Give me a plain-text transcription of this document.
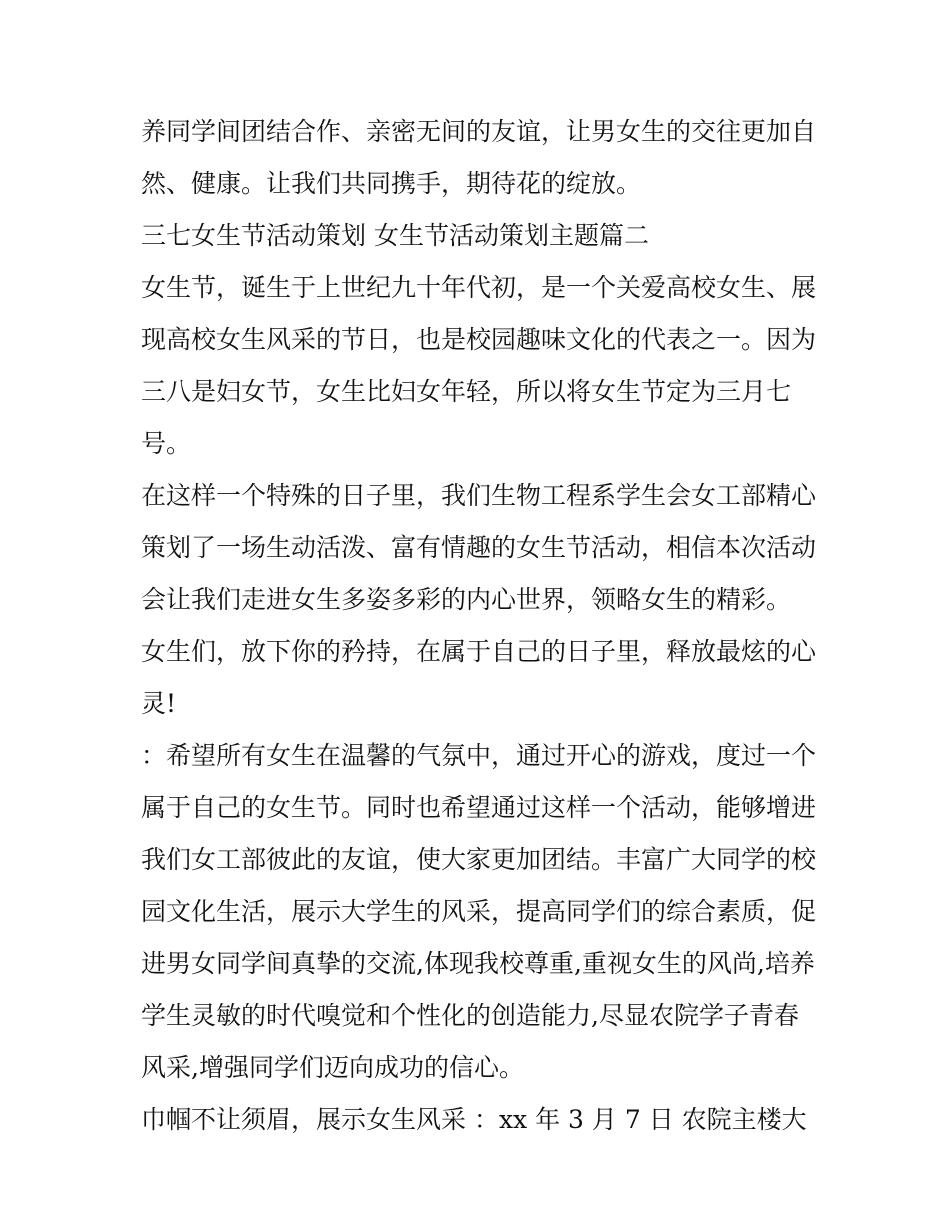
养同学间团结合作、亲密无间的友谊，让男女生的交往更加自
然、健康。让我们共同携手，期待花的绽放。
三七女生节活动策划 女生节活动策划主题篇二
女生节，诞生于上世纪九十年代初，是一个关爱高校女生、展
现高校女生风采的节日，也是校园趣味文化的代表之一。因为
三八是妇女节，女生比妇女年轻，所以将女生节定为三月七
号。
在这样一个特殊的日子里，我们生物工程系学生会女工部精心
策划了一场生动活泼、富有情趣的女生节活动，相信本次活动
会让我们走进女生多姿多彩的内心世界，领略女生的精彩。
女生们，放下你的矜持，在属于自己的日子里，释放最炫的心
灵!
：希望所有女生在温馨的气氛中，通过开心的游戏，度过一个
属于自己的女生节。同时也希望通过这样一个活动，能够增进
我们女工部彼此的友谊，使大家更加团结。丰富广大同学的校
园文化生活，展示大学生的风采，提高同学们的综合素质，促
进男女同学间真挚的交流,体现我校尊重,重视女生的风尚,培养
学生灵敏的时代嗅觉和个性化的创造能力,尽显农院学子青春
风采,增强同学们迈向成功的信心。
巾帼不让须眉，展示女生风采 ：xx 年 3 月 7 日 农院主楼大
